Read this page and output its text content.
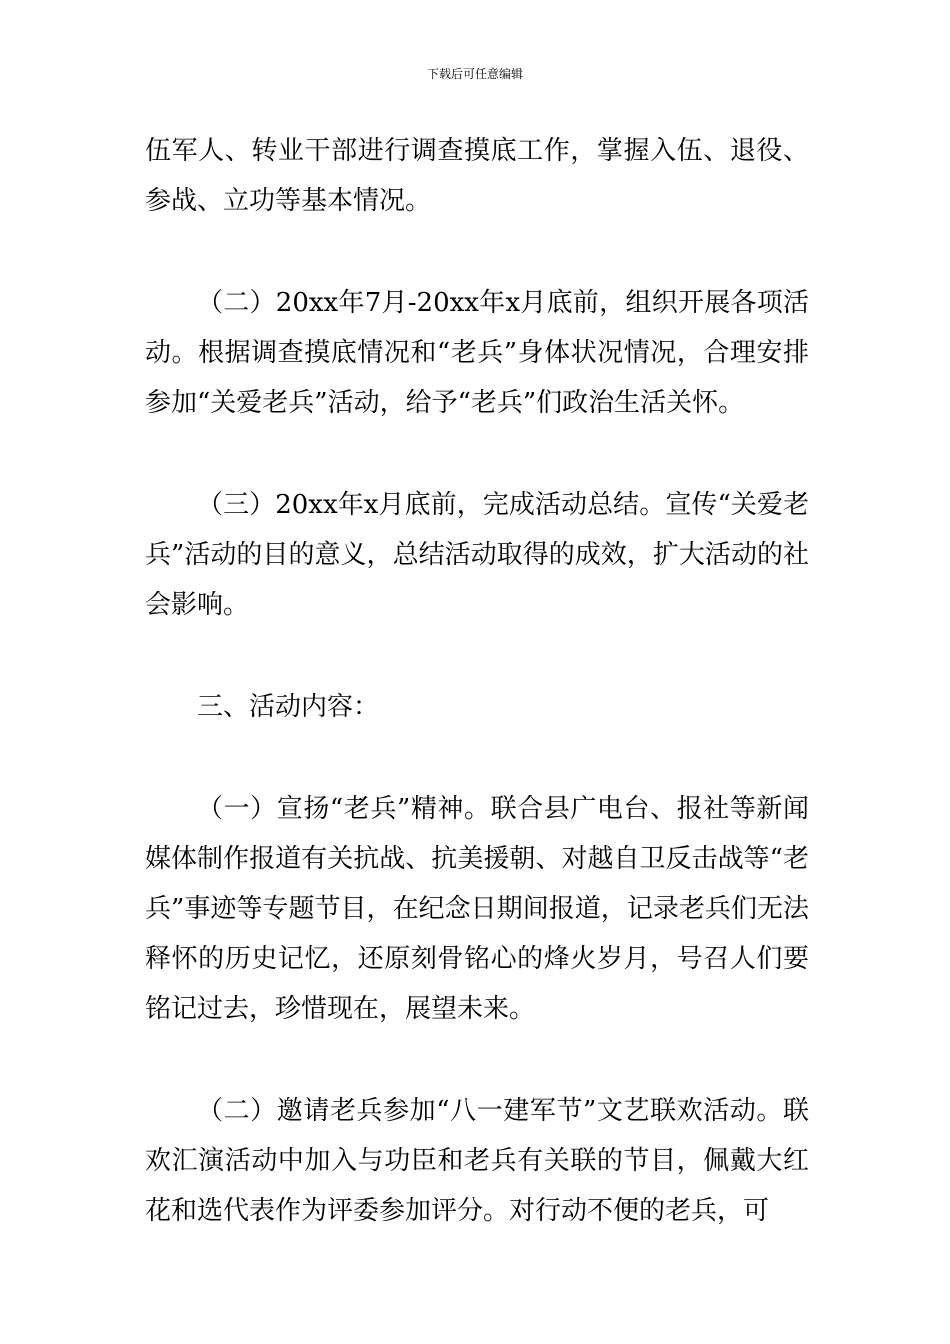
下载后可任意编辑

伍军人、转业干部进行调查摸底工作，掌握入伍、退役、参战、立功等基本情况。

（二）20xx年7月-20xx年x月底前，组织开展各项活动。根据调查摸底情况和“老兵”身体状况情况，合理安排参加“关爱老兵”活动，给予“老兵”们政治生活关怀。

（三）20xx年x月底前，完成活动总结。宣传“关爱老兵”活动的目的意义，总结活动取得的成效，扩大活动的社会影响。

三、活动内容：

（一）宣扬“老兵”精神。联合县广电台、报社等新闻媒体制作报道有关抗战、抗美援朝、对越自卫反击战等“老兵”事迹等专题节目，在纪念日期间报道，记录老兵们无法释怀的历史记忆，还原刻骨铭心的烽火岁月，号召人们要铭记过去，珍惜现在，展望未来。

（二）邀请老兵参加“八一建军节”文艺联欢活动。联欢汇演活动中加入与功臣和老兵有关联的节目，佩戴大红花和选代表作为评委参加评分。对行动不便的老兵，可
